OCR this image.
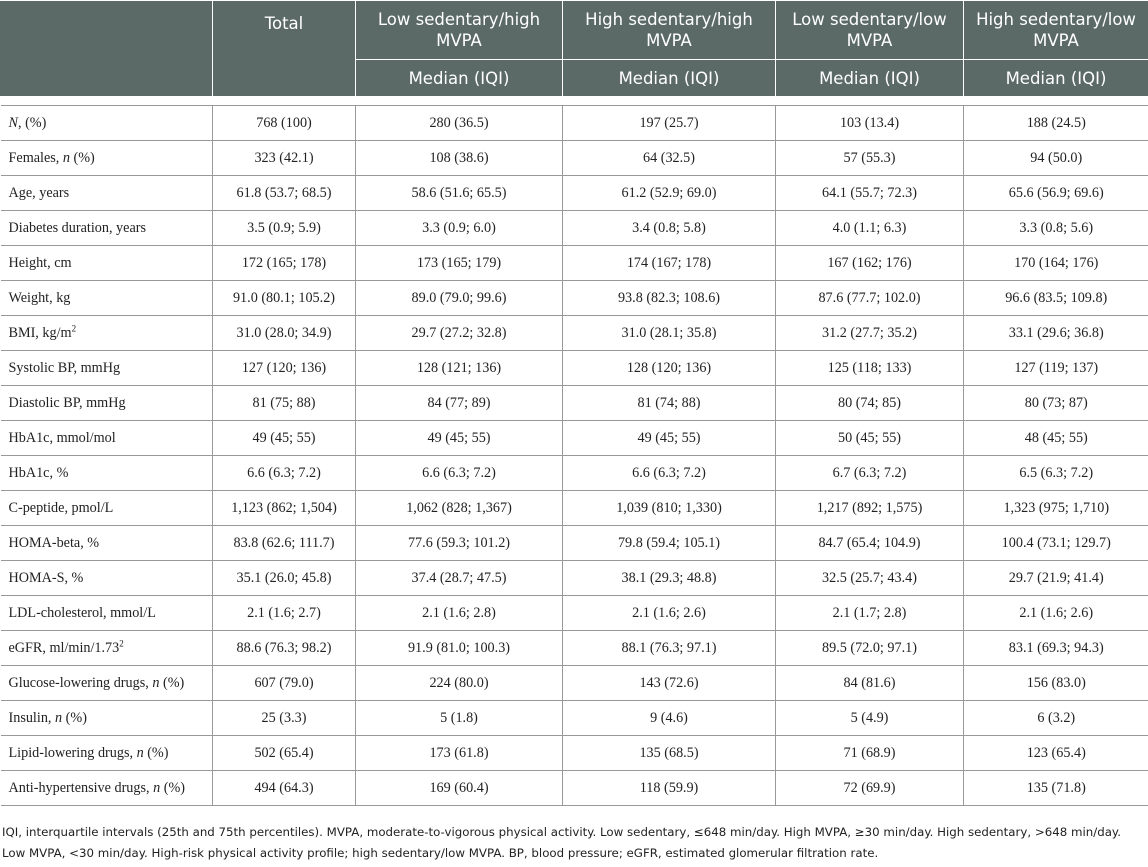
	Total	Low sedentary/high MVPA	High sedentary/high MVPA	Low sedentary/low MVPA	High sedentary/low MVPA
		Median (IQI)	Median (IQI)	Median (IQI)	Median (IQI)

N, (%)	768 (100)	280 (36.5)	197 (25.7)	103 (13.4)	188 (24.5)
Females, n (%)	323 (42.1)	108 (38.6)	64 (32.5)	57 (55.3)	94 (50.0)
Age, years	61.8 (53.7; 68.5)	58.6 (51.6; 65.5)	61.2 (52.9; 69.0)	64.1 (55.7; 72.3)	65.6 (56.9; 69.6)
Diabetes duration, years	3.5 (0.9; 5.9)	3.3 (0.9; 6.0)	3.4 (0.8; 5.8)	4.0 (1.1; 6.3)	3.3 (0.8; 5.6)
Height, cm	172 (165; 178)	173 (165; 179)	174 (167; 178)	167 (162; 176)	170 (164; 176)
Weight, kg	91.0 (80.1; 105.2)	89.0 (79.0; 99.6)	93.8 (82.3; 108.6)	87.6 (77.7; 102.0)	96.6 (83.5; 109.8)
BMI, $kg/m^2$	31.0 (28.0; 34.9)	29.7 (27.2; 32.8)	31.0 (28.1; 35.8)	31.2 (27.7; 35.2)	33.1 (29.6; 36.8)
Systolic BP, mmHg	127 (120; 136)	128 (121; 136)	128 (120; 136)	125 (118; 133)	127 (119; 137)
Diastolic BP, mmHg	81 (75; 88)	84 (77; 89)	81 (74; 88)	80 (74; 85)	80 (73; 87)
HbA1c, mmol/mol	49 (45; 55)	49 (45; 55)	49 (45; 55)	50 (45; 55)	48 (45; 55)
HbA1c, %	6.6 (6.3; 7.2)	6.6 (6.3; 7.2)	6.6 (6.3; 7.2)	6.7 (6.3; 7.2)	6.5 (6.3; 7.2)
C-peptide, pmol/L	1,123 (862; 1,504)	1,062 (828; 1,367)	1,039 (810; 1,330)	1,217 (892; 1,575)	1,323 (975; 1,710)
HOMA-beta, %	83.8 (62.6; 111.7)	77.6 (59.3; 101.2)	79.8 (59.4; 105.1)	84.7 (65.4; 104.9)	100.4 (73.1; 129.7)
HOMA-S, %	35.1 (26.0; 45.8)	37.4 (28.7; 47.5)	38.1 (29.3; 48.8)	32.5 (25.7; 43.4)	29.7 (21.9; 41.4)
LDL-cholesterol, mmol/L	2.1 (1.6; 2.7)	2.1 (1.6; 2.8)	2.1 (1.6; 2.6)	2.1 (1.7; 2.8)	2.1 (1.6; 2.6)
eGFR, ml/min/1.73$^2$	88.6 (76.3; 98.2)	91.9 (81.0; 100.3)	88.1 (76.3; 97.1)	89.5 (72.0; 97.1)	83.1 (69.3; 94.3)
Glucose-lowering drugs, n (%)	607 (79.0)	224 (80.0)	143 (72.6)	84 (81.6)	156 (83.0)
Insulin, n (%)	25 (3.3)	5 (1.8)	9 (4.6)	5 (4.9)	6 (3.2)
Lipid-lowering drugs, n (%)	502 (65.4)	173 (61.8)	135 (68.5)	71 (68.9)	123 (65.4)
Anti-hypertensive drugs, n (%)	494 (64.3)	169 (60.4)	118 (59.9)	72 (69.9)	135 (71.8)
IQI, interquartile intervals (25th and 75th percentiles). MVPA, moderate-to-vigorous physical activity. Low sedentary, ≤648 min/day. High MVPA, ≥30 min/day. High sedentary, >648 min/day. Low MVPA, <30 min/day. High-risk physical activity profile; high sedentary/low MVPA. BP, blood pressure; eGFR, estimated glomerular filtration rate.
